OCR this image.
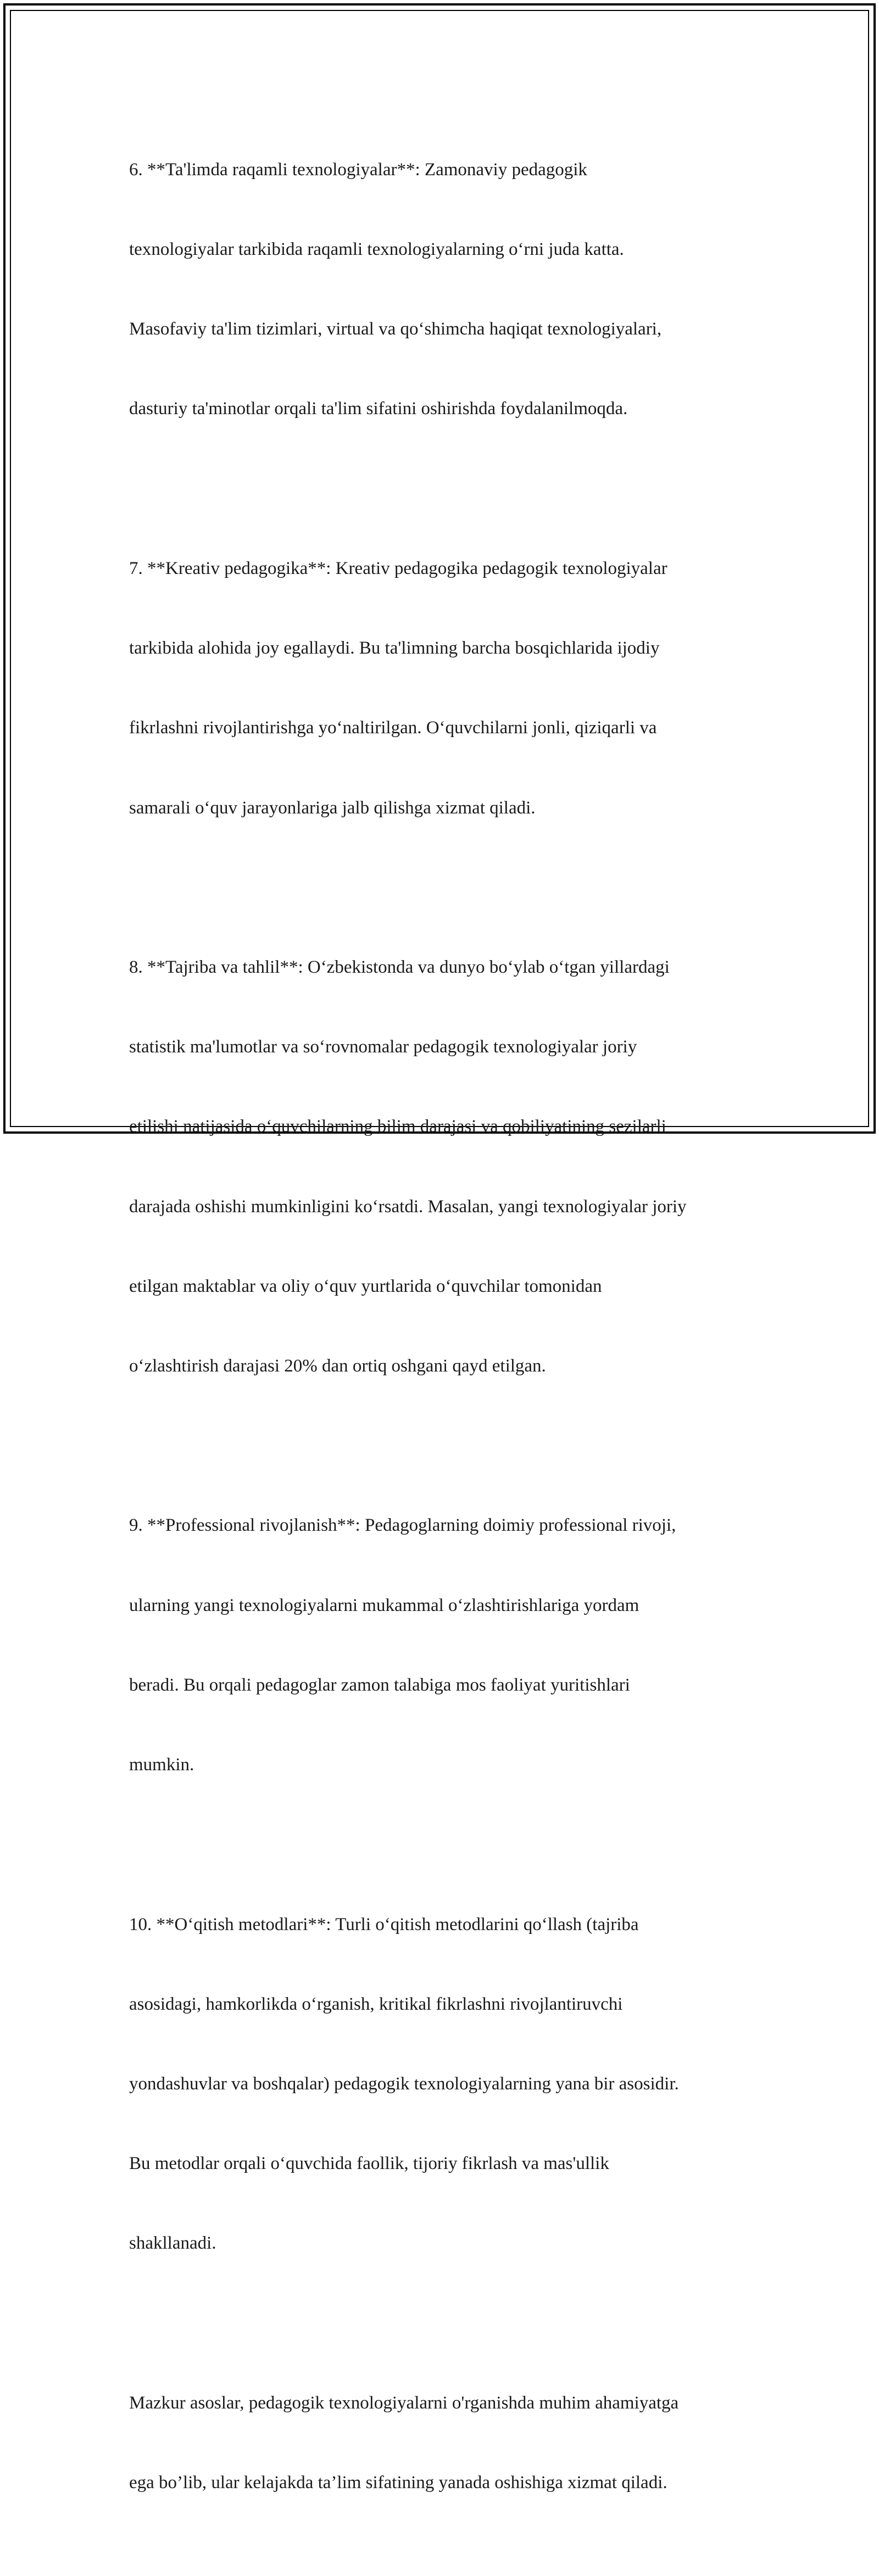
6. **Ta'limda raqamli texnologiyalar**: Zamonaviy pedagogik

texnologiyalar tarkibida raqamli texnologiyalarning o‘rni juda katta.

Masofaviy ta'lim tizimlari, virtual va qo‘shimcha haqiqat texnologiyalari,

dasturiy ta'minotlar orqali ta'lim sifatini oshirishda foydalanilmoqda.

7. **Kreativ pedagogika**: Kreativ pedagogika pedagogik texnologiyalar

tarkibida alohida joy egallaydi. Bu ta'limning barcha bosqichlarida ijodiy

fikrlashni rivojlantirishga yo‘naltirilgan. O‘quvchilarni jonli, qiziqarli va

samarali o‘quv jarayonlariga jalb qilishga xizmat qiladi.

8. **Tajriba va tahlil**: O‘zbekistonda va dunyo bo‘ylab o‘tgan yillardagi

statistik ma'lumotlar va so‘rovnomalar pedagogik texnologiyalar joriy

etilishi natijasida o‘quvchilarning bilim darajasi va qobiliyatining sezilarli

darajada oshishi mumkinligini ko‘rsatdi. Masalan, yangi texnologiyalar joriy

etilgan maktablar va oliy o‘quv yurtlarida o‘quvchilar tomonidan

o‘zlashtirish darajasi 20% dan ortiq oshgani qayd etilgan.

9. **Professional rivojlanish**: Pedagoglarning doimiy professional rivoji,

ularning yangi texnologiyalarni mukammal o‘zlashtirishlariga yordam

beradi. Bu orqali pedagoglar zamon talabiga mos faoliyat yuritishlari

mumkin.

10. **O‘qitish metodlari**: Turli o‘qitish metodlarini qo‘llash (tajriba

asosidagi, hamkorlikda o‘rganish, kritikal fikrlashni rivojlantiruvchi

yondashuvlar va boshqalar) pedagogik texnologiyalarning yana bir asosidir.

Bu metodlar orqali o‘quvchida faollik, tijoriy fikrlash va mas'ullik

shakllanadi.

Mazkur asoslar, pedagogik texnologiyalarni o'rganishda muhim ahamiyatga

ega bo’lib, ular kelajakda ta’lim sifatining yanada oshishiga xizmat qiladi.
